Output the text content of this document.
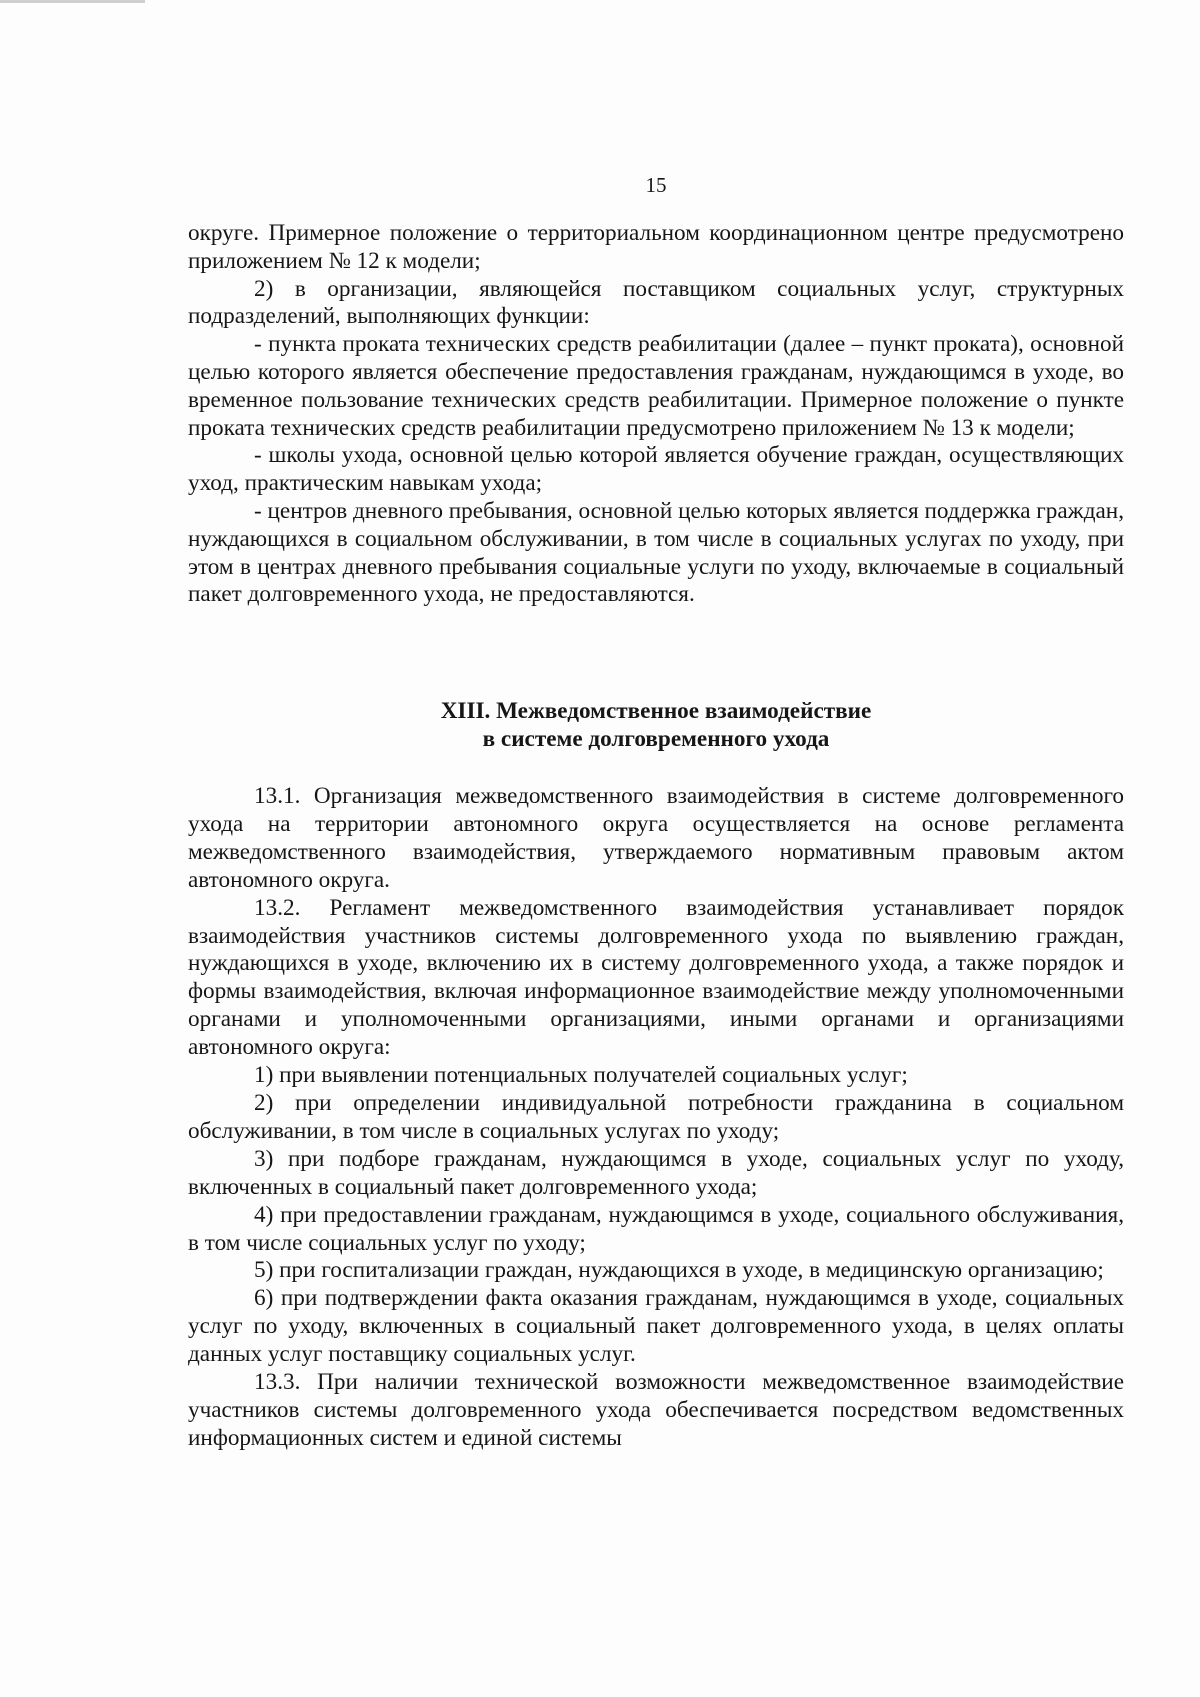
15

округе. Примерное положение о территориальном координационном центре предусмотрено приложением № 12 к модели;

2) в организации, являющейся поставщиком социальных услуг, структурных подразделений, выполняющих функции:

- пункта проката технических средств реабилитации (далее – пункт проката), основной целью которого является обеспечение предоставления гражданам, нуждающимся в уходе, во временное пользование технических средств реабилитации. Примерное положение о пункте проката технических средств реабилитации предусмотрено приложением № 13 к модели;

- школы ухода, основной целью которой является обучение граждан, осуществляющих уход, практическим навыкам ухода;

- центров дневного пребывания, основной целью которых является поддержка граждан, нуждающихся в социальном обслуживании, в том числе в социальных услугах по уходу, при этом в центрах дневного пребывания социальные услуги по уходу, включаемые в социальный пакет долговременного ухода, не предоставляются.

XIII. Межведомственное взаимодействие
в системе долговременного ухода

13.1. Организация межведомственного взаимодействия в системе долговременного ухода на территории автономного округа осуществляется на основе регламента межведомственного взаимодействия, утверждаемого нормативным правовым актом автономного округа.

13.2. Регламент межведомственного взаимодействия устанавливает порядок взаимодействия участников системы долговременного ухода по выявлению граждан, нуждающихся в уходе, включению их в систему долговременного ухода, а также порядок и формы взаимодействия, включая информационное взаимодействие между уполномоченными органами и уполномоченными организациями, иными органами и организациями автономного округа:

1) при выявлении потенциальных получателей социальных услуг;

2) при определении индивидуальной потребности гражданина в социальном обслуживании, в том числе в социальных услугах по уходу;

3) при подборе гражданам, нуждающимся в уходе, социальных услуг по уходу, включенных в социальный пакет долговременного ухода;

4) при предоставлении гражданам, нуждающимся в уходе, социального обслуживания, в том числе социальных услуг по уходу;

5) при госпитализации граждан, нуждающихся в уходе, в медицинскую организацию;

6) при подтверждении факта оказания гражданам, нуждающимся в уходе, социальных услуг по уходу, включенных в социальный пакет долговременного ухода, в целях оплаты данных услуг поставщику социальных услуг.

13.3. При наличии технической возможности межведомственное взаимодействие участников системы долговременного ухода обеспечивается посредством ведомственных информационных систем и единой системы
